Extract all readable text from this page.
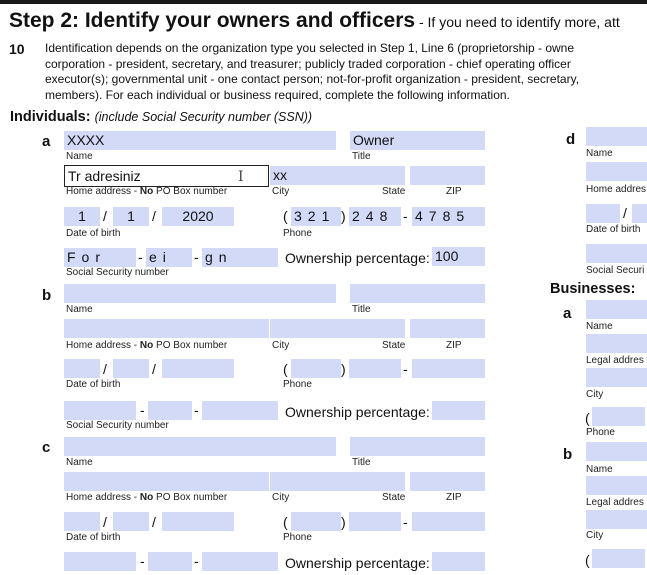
Step 2: Identify your owners and officers - If you need to identify more, att
10 Identification depends on the organization type you selected in Step 1, Line 6 (proprietorship - owne
corporation - president, secretary, and treasurer; publicly traded corporation - chief operating officer
executor(s); governmental unit - one contact person; not-for-profit organization - president, secretary,
members). For each individual or business required, complete the following information.
Individuals: (include Social Security number (SSN))
a XXXX
Name
Owner
Title
Tr adresiniz	I xx
Home address - No PO Box number	City	State	ZIP
1	/	1	/	2020
Date of birth
( 321 ) 248 - 4785
Phone
For	- ei	- gn
Social Security number
Ownership percentage: 100
b
Name	Title
Home address - No PO Box number	City	State	ZIP
/	/
Date of birth
(	)	-
Phone
-	-
Social Security number
Ownership percentage:
c
Name	Title
Home address - No PO Box number	City	State	ZIP
/	/
Date of birth
(	)	-
Phone
-	-	Ownership percentage:
d
Name
Home addres
/
Date of birth
Social Securi
Businesses:
a
Name
Legal addres
City
(
Phone
b
Name
Legal addres
City
(
